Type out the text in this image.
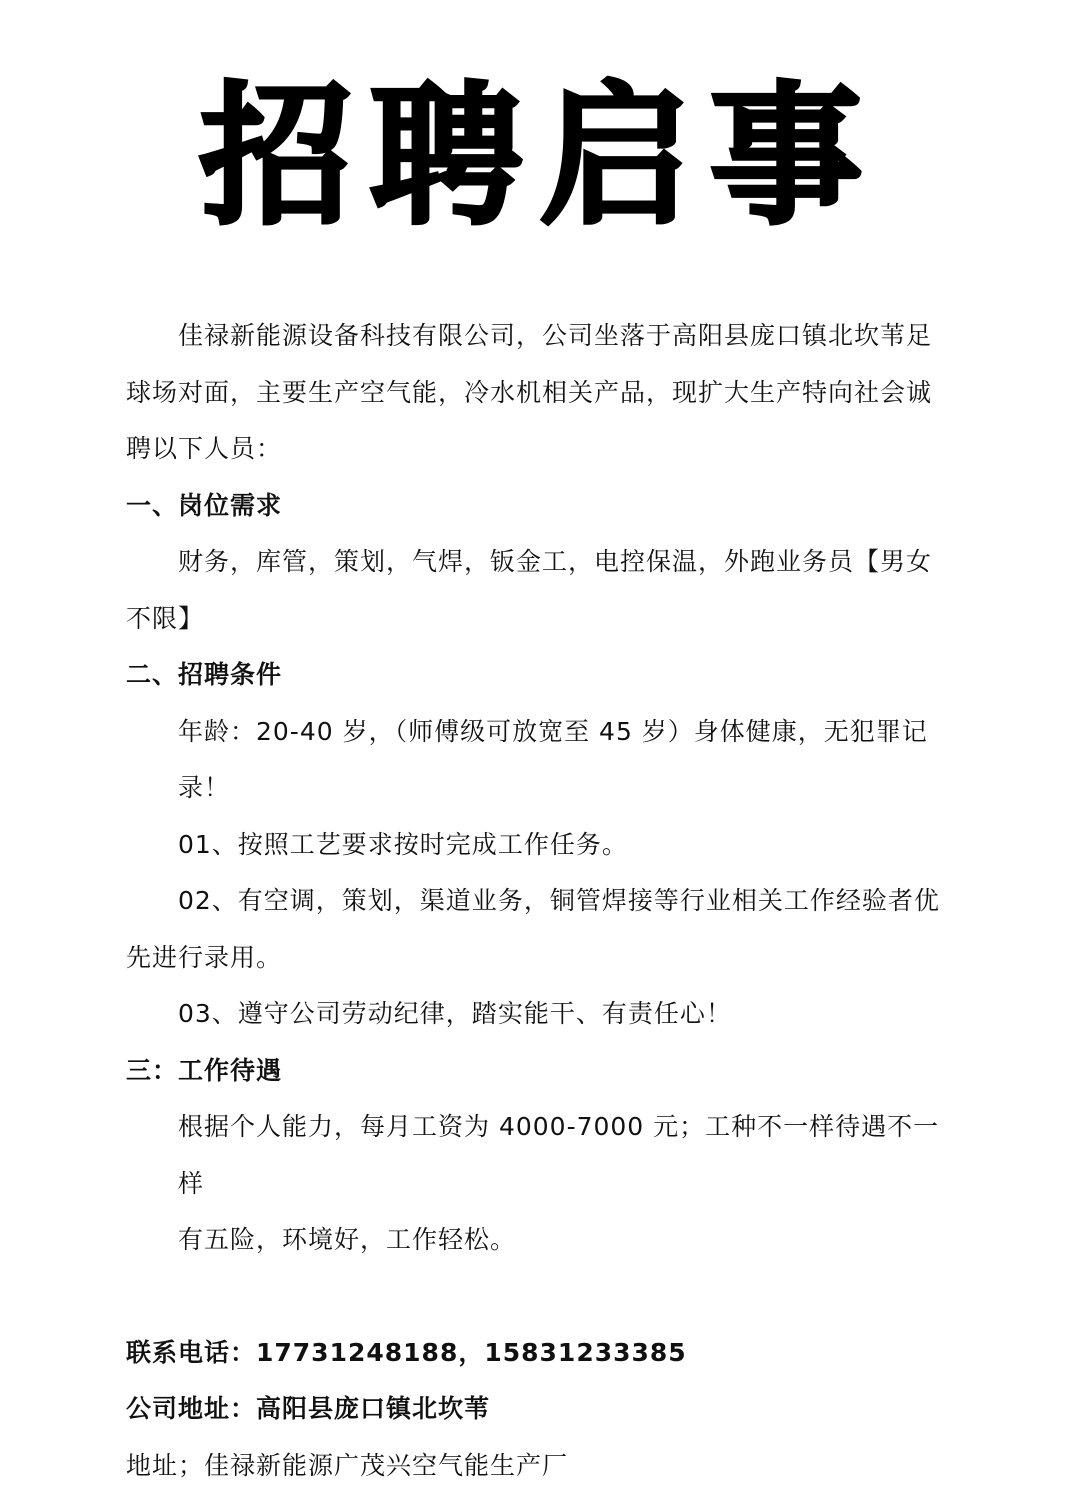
招聘启事

佳禄新能源设备科技有限公司，公司坐落于高阳县庞口镇北坎苇足球场对面，主要生产空气能，冷水机相关产品，现扩大生产特向社会诚聘以下人员：

一、岗位需求

财务，库管，策划，气焊，钣金工，电控保温，外跑业务员【男女不限】

二、招聘条件

年龄：20-40 岁，（师傅级可放宽至 45 岁）身体健康，无犯罪记录！

01、按照工艺要求按时完成工作任务。

02、有空调，策划，渠道业务，铜管焊接等行业相关工作经验者优先进行录用。

03、遵守公司劳动纪律，踏实能干、有责任心！

三：工作待遇

根据个人能力，每月工资为 4000-7000 元；工种不一样待遇不一样

有五险，环境好，工作轻松。

联系电话：17731248188，15831233385

公司地址：高阳县庞口镇北坎苇

地址；佳禄新能源广茂兴空气能生产厂
